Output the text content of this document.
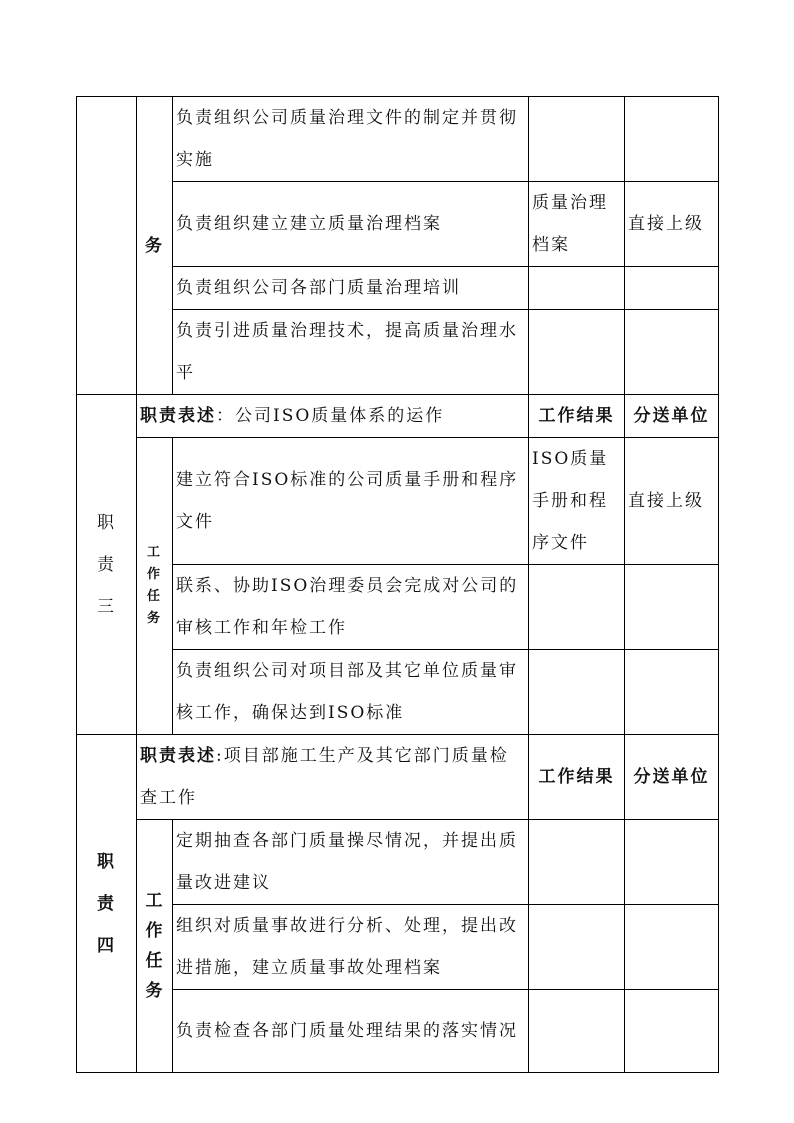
	务	负责组织公司质量治理文件的制定并贯彻实施		
		负责组织建立建立质量治理档案	质量治理档案	直接上级
		负责组织公司各部门质量治理培训		
		负责引进质量治理技术，提高质量治理水平		
职责三	职责表述：公司ISO质量体系的运作		工作结果	分送单位
	工作任务	建立符合ISO标准的公司质量手册和程序文件	ISO质量手册和程序文件	直接上级
		联系、协助ISO治理委员会完成对公司的审核工作和年检工作		
		负责组织公司对项目部及其它单位质量审核工作，确保达到ISO标准		
职责四	职责表述:项目部施工生产及其它部门质量检查工作		工作结果	分送单位
	工作任务	定期抽查各部门质量操尽情况，并提出质量改进建议		
		组织对质量事故进行分析、处理，提出改进措施，建立质量事故处理档案		
		负责检查各部门质量处理结果的落实情况		
